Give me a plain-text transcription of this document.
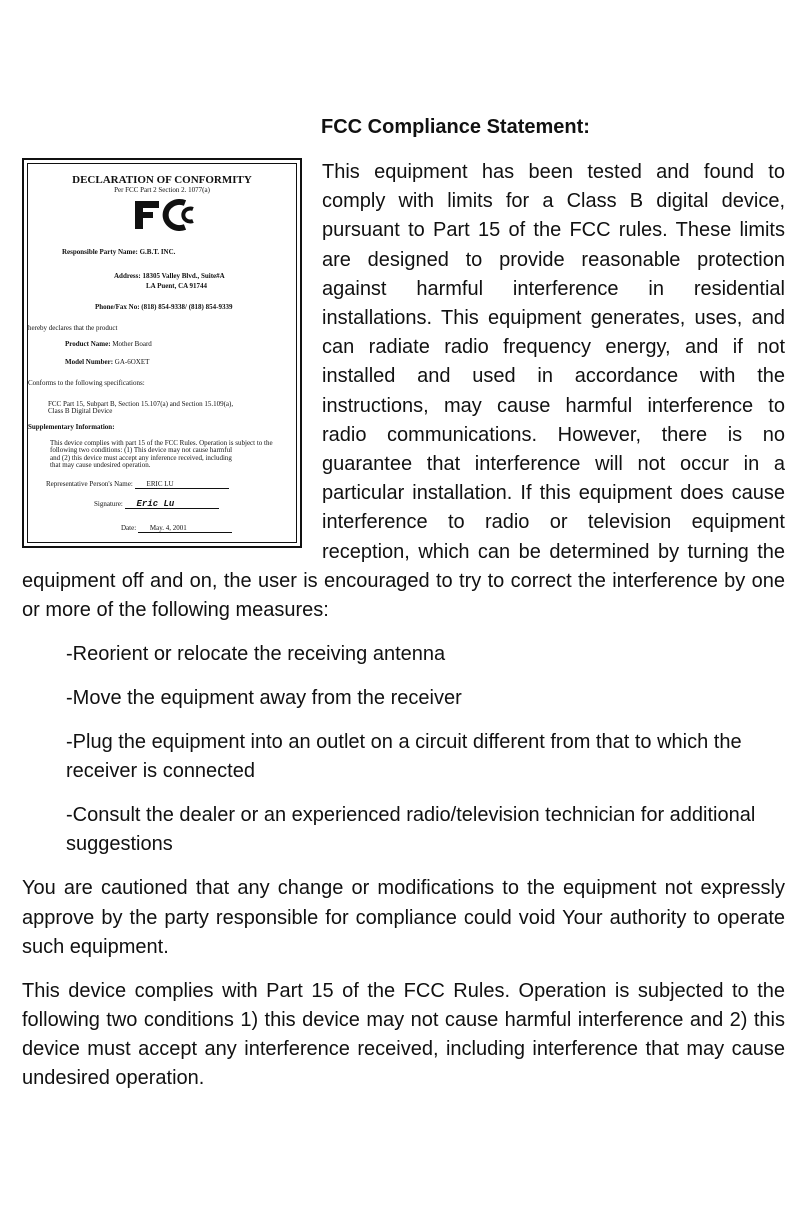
FCC Compliance Statement:
DECLARATION OF CONFORMITY
Per FCC Part 2 Section 2. 1077(a)
Responsible Party Name: G.B.T. INC.
Address: 18305 Valley Blvd., Suite#A
LA Puent, CA 91744
Phone/Fax No: (818) 854-9338/ (818) 854-9339
hereby declares that the product
Product Name: Mother Board
Model Number: GA-6OXET
Conforms to the following specifications:
FCC Part 15, Subpart B, Section 15.107(a) and Section 15.109(a),
Class B Digital Device
Supplementary Information:
This device complies with part 15 of the FCC Rules. Operation is subject to the
following two conditions: (1) This device may not cause harmful
and (2) this device must accept any inference received, including
that may cause undesired operation.
Representative Person's Name: ERIC LU
Signature: Eric Lu
Date: May. 4, 2001

This equipment has been tested and found to comply with limits for a Class B digital device, pursuant to Part 15 of the FCC rules. These limits are designed to provide reasonable protection against harmful interference in residential installations. This equipment generates, uses, and can radiate radio frequency energy, and if not installed and used in accordance with the instructions, may cause harmful interference to radio communications. However, there is no guarantee that interference will not occur in a particular installation. If this equipment does cause interference to radio or television equipment reception, which can be determined by turning the equipment off and on, the user is encouraged to try to correct the interference by one or more of the following measures:

-Reorient or relocate the receiving antenna

-Move the equipment away from the receiver

-Plug the equipment into an outlet on a circuit different from that to which the receiver is connected

-Consult the dealer or an experienced radio/television technician for additional suggestions

You are cautioned that any change or modifications to the equipment not expressly approve by the party responsible for compliance could void Your authority to operate such equipment.

This device complies with Part 15 of the FCC Rules. Operation is subjected to the following two conditions 1) this device may not cause harmful interference and 2) this device must accept any interference received, including interference that may cause undesired operation.
